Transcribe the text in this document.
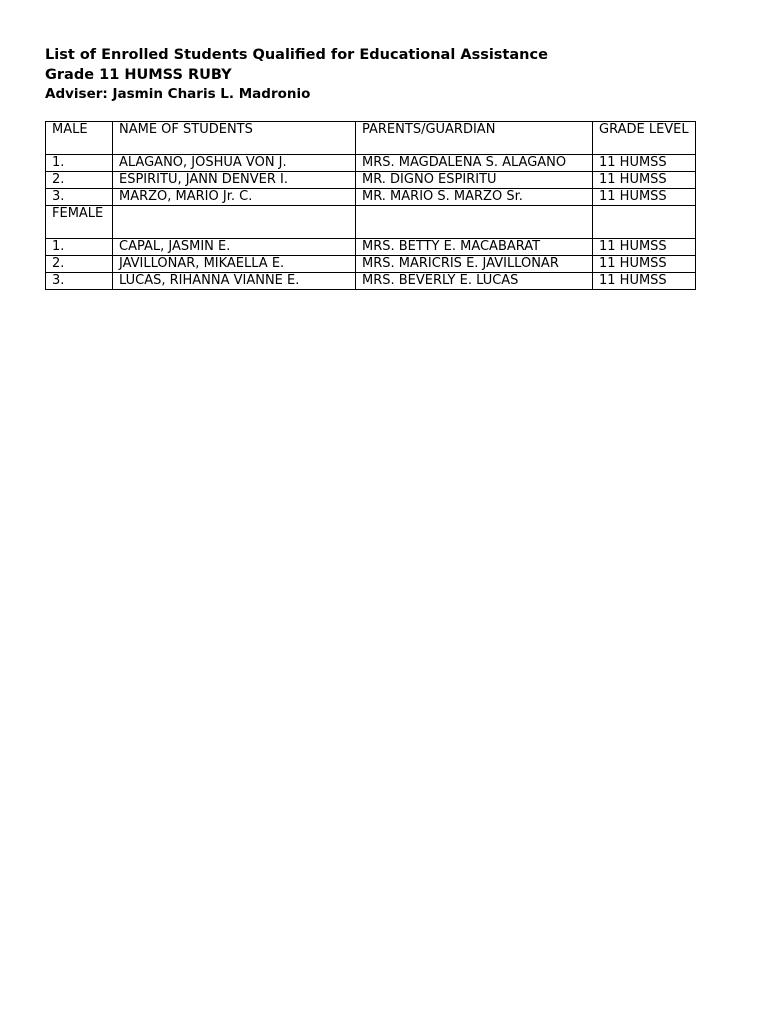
List of Enrolled Students Qualified for Educational Assistance

Grade 11 HUMSS RUBY

Adviser: Jasmin Charis L. Madronio

MALE	NAME OF STUDENTS	PARENTS/GUARDIAN	GRADE LEVEL
1.	ALAGANO, JOSHUA VON J.	MRS. MAGDALENA S. ALAGANO	11 HUMSS
2.	ESPIRITU, JANN DENVER I.	MR. DIGNO ESPIRITU	11 HUMSS
3.	MARZO, MARIO Jr. C.	MR. MARIO S. MARZO Sr.	11 HUMSS
FEMALE			
1.	CAPAL, JASMIN E.	MRS. BETTY E. MACABARAT	11 HUMSS
2.	JAVILLONAR, MIKAELLA E.	MRS. MARICRIS E. JAVILLONAR	11 HUMSS
3.	LUCAS, RIHANNA VIANNE E.	MRS. BEVERLY E. LUCAS	11 HUMSS
